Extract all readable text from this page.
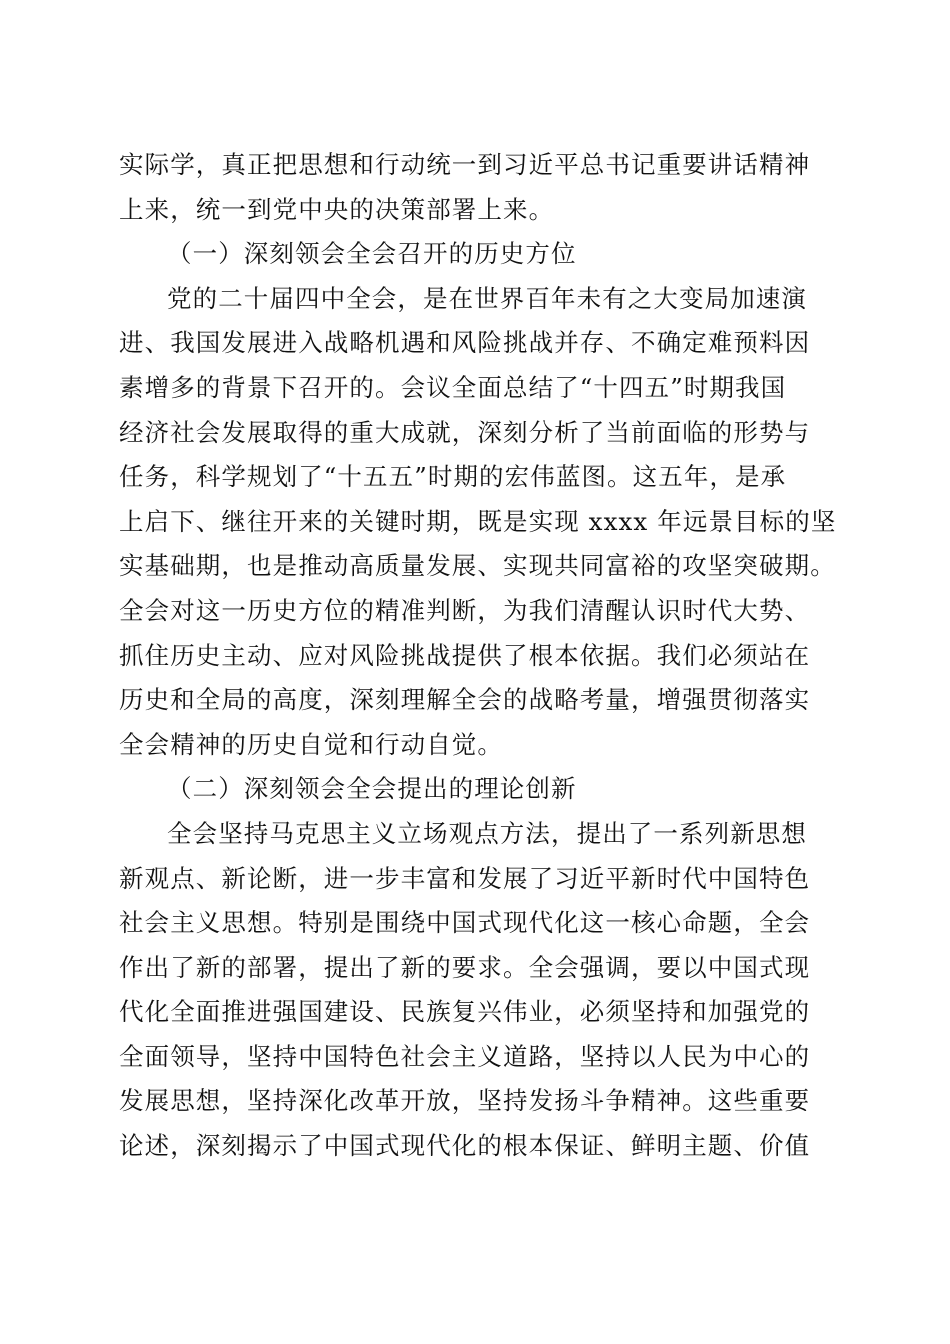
实际学，真正把思想和行动统一到习近平总书记重要讲话精神
上来，统一到党中央的决策部署上来。
（一）深刻领会全会召开的历史方位
党的二十届四中全会，是在世界百年未有之大变局加速演
进、我国发展进入战略机遇和风险挑战并存、不确定难预料因
素增多的背景下召开的。会议全面总结了“十四五”时期我国
经济社会发展取得的重大成就，深刻分析了当前面临的形势与
任务，科学规划了“十五五”时期的宏伟蓝图。这五年，是承
上启下、继往开来的关键时期，既是实现 xxxx 年远景目标的坚
实基础期，也是推动高质量发展、实现共同富裕的攻坚突破期。
全会对这一历史方位的精准判断，为我们清醒认识时代大势、
抓住历史主动、应对风险挑战提供了根本依据。我们必须站在
历史和全局的高度，深刻理解全会的战略考量，增强贯彻落实
全会精神的历史自觉和行动自觉。
（二）深刻领会全会提出的理论创新
全会坚持马克思主义立场观点方法，提出了一系列新思想
新观点、新论断，进一步丰富和发展了习近平新时代中国特色
社会主义思想。特别是围绕中国式现代化这一核心命题，全会
作出了新的部署，提出了新的要求。全会强调，要以中国式现
代化全面推进强国建设、民族复兴伟业，必须坚持和加强党的
全面领导，坚持中国特色社会主义道路，坚持以人民为中心的
发展思想，坚持深化改革开放，坚持发扬斗争精神。这些重要
论述，深刻揭示了中国式现代化的根本保证、鲜明主题、价值
